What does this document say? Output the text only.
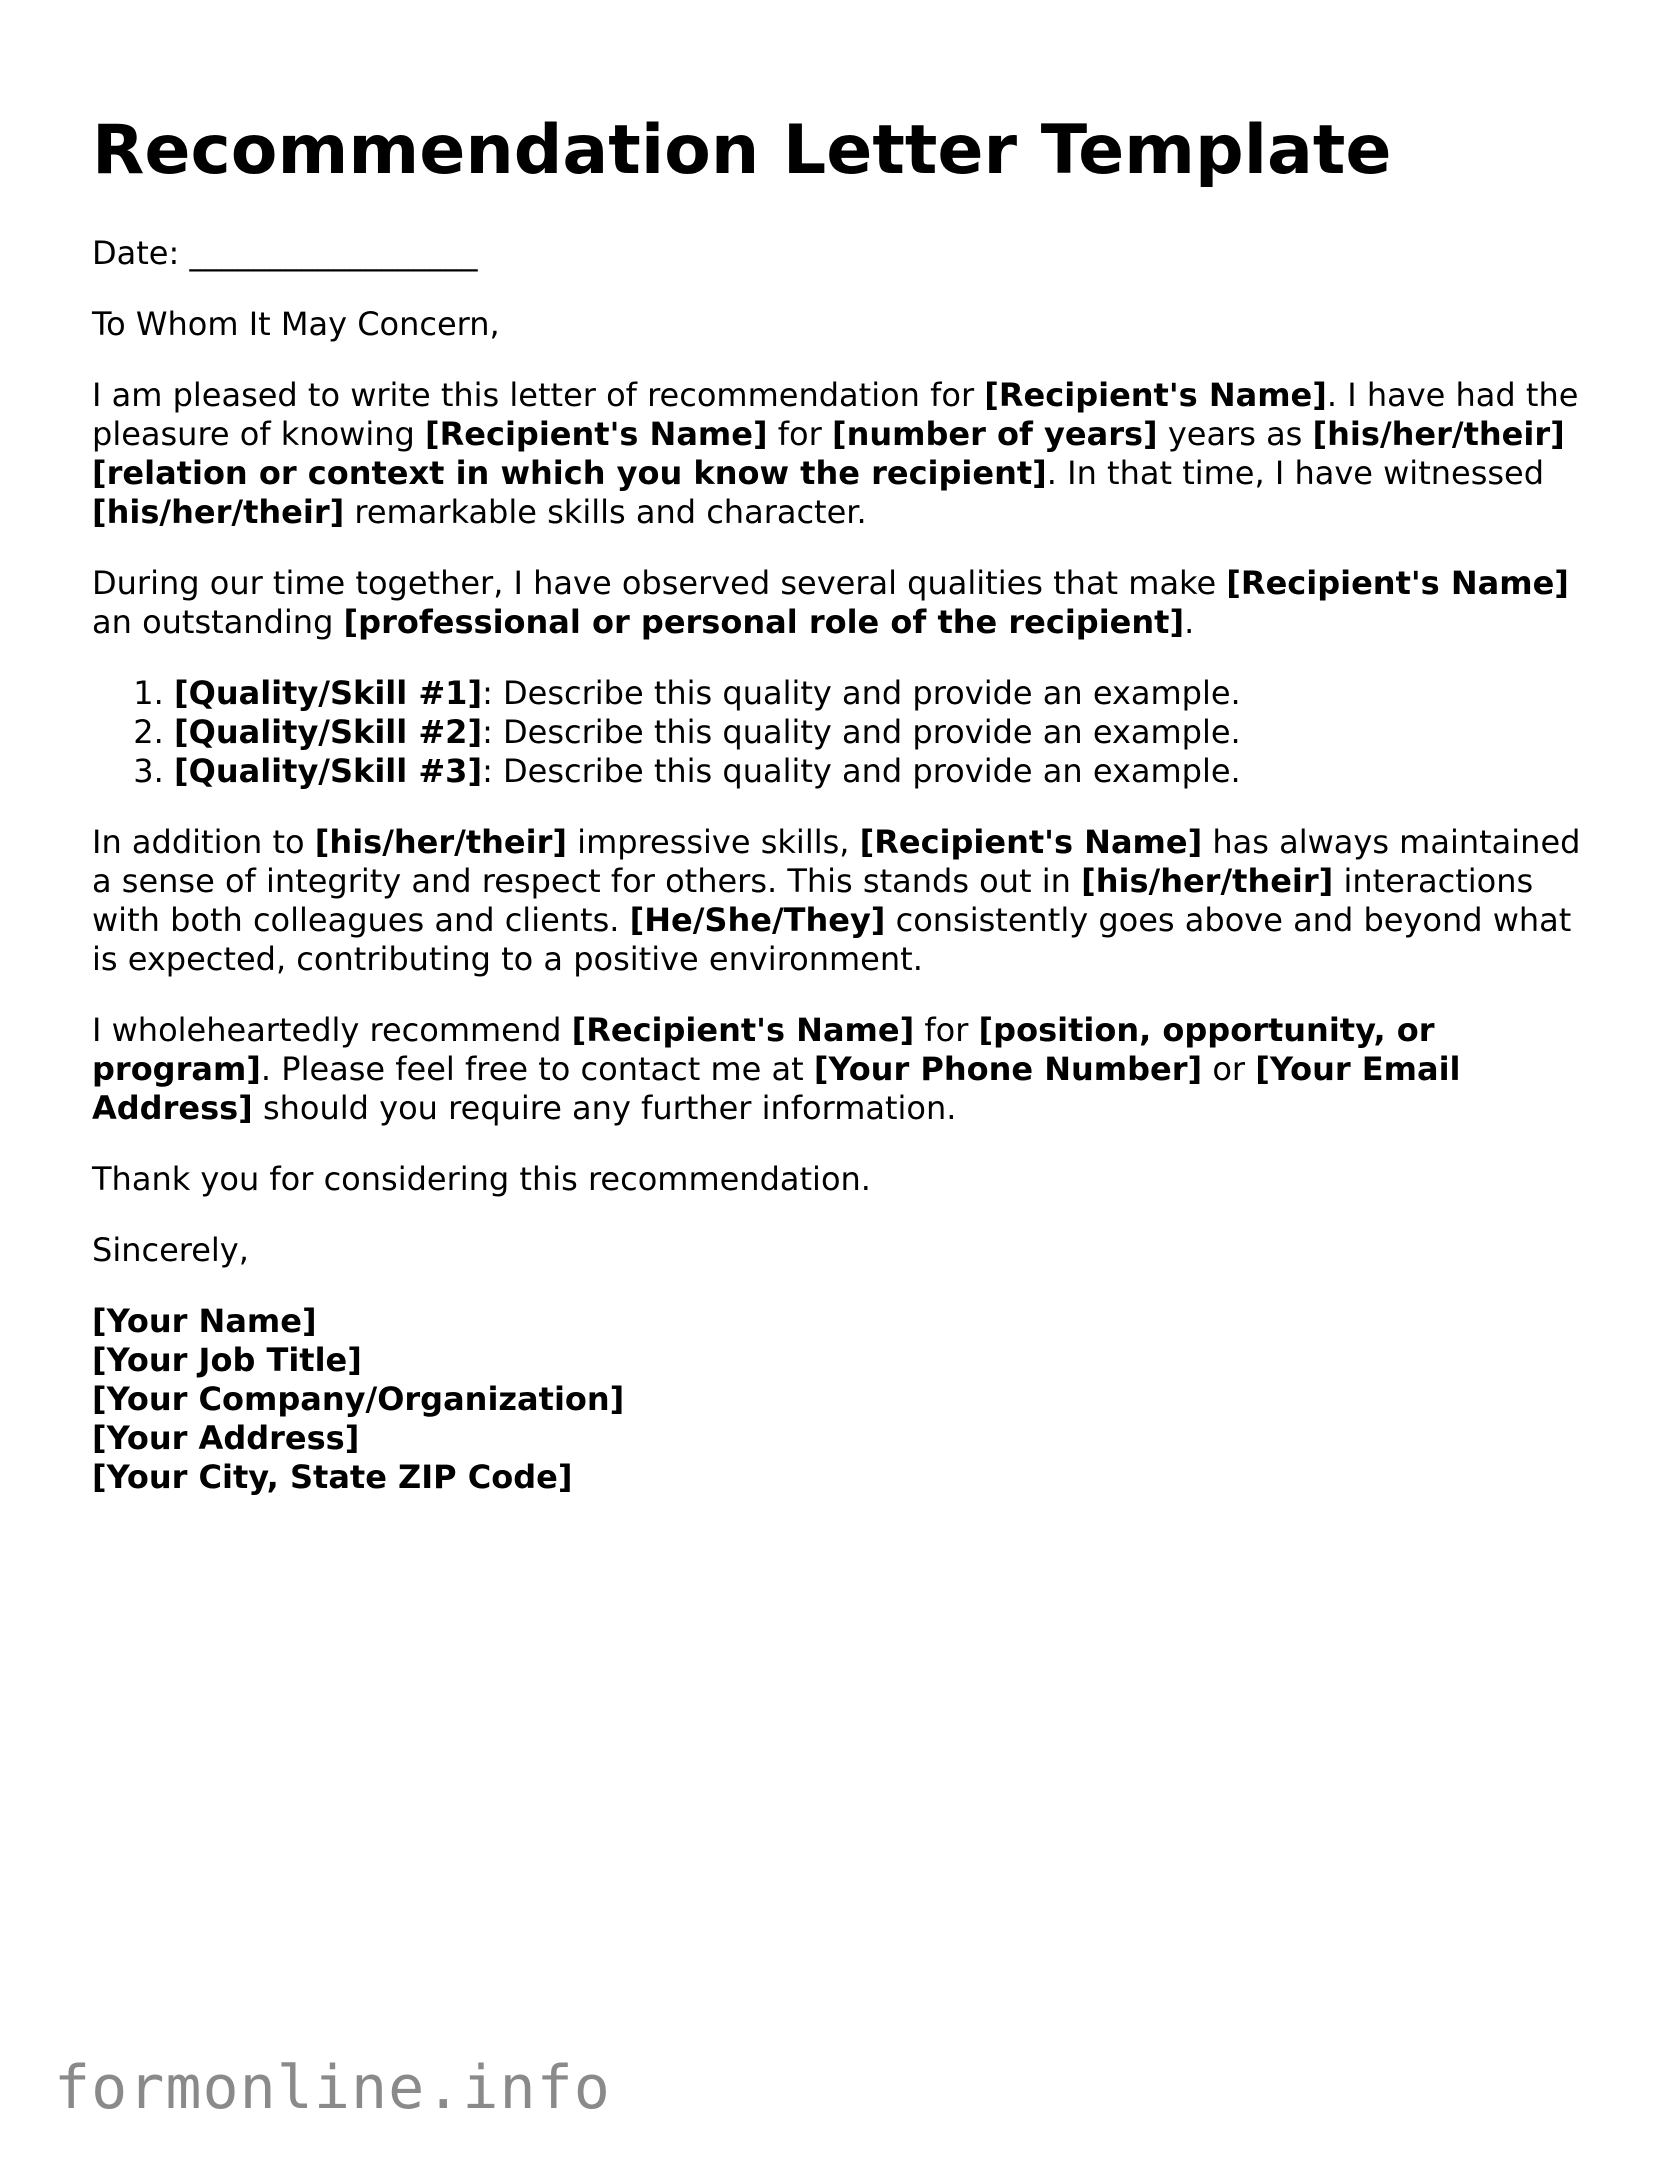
Recommendation Letter Template

Date: __________________

To Whom It May Concern,

I am pleased to write this letter of recommendation for [Recipient's Name]. I have had the pleasure of knowing [Recipient's Name] for [number of years] years as [his/her/their] [relation or context in which you know the recipient]. In that time, I have witnessed [his/her/their] remarkable skills and character.

During our time together, I have observed several qualities that make [Recipient's Name] an outstanding [professional or personal role of the recipient].

1. [Quality/Skill #1]: Describe this quality and provide an example.
2. [Quality/Skill #2]: Describe this quality and provide an example.
3. [Quality/Skill #3]: Describe this quality and provide an example.

In addition to [his/her/their] impressive skills, [Recipient's Name] has always maintained a sense of integrity and respect for others. This stands out in [his/her/their] interactions with both colleagues and clients. [He/She/They] consistently goes above and beyond what is expected, contributing to a positive environment.

I wholeheartedly recommend [Recipient's Name] for [position, opportunity, or program]. Please feel free to contact me at [Your Phone Number] or [Your Email Address] should you require any further information.

Thank you for considering this recommendation.

Sincerely,

[Your Name]
[Your Job Title]
[Your Company/Organization]
[Your Address]
[Your City, State ZIP Code]
formonline.info
